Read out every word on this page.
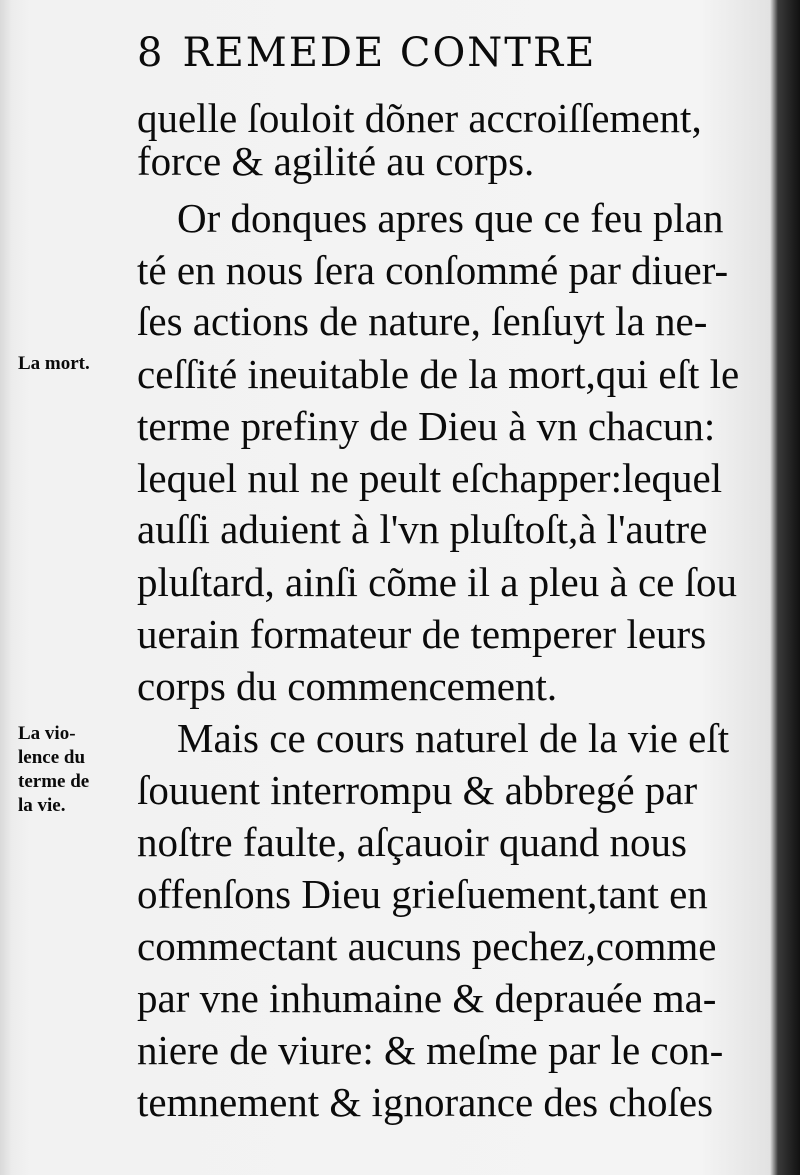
8 REMEDE CONTRE
quelle ſouloit dõner accroiſſement,
force & agilité au corps.
Or donques apres que ce feu plan
té en nous ſera conſommé par diuer-
ſes actions de nature, ſenſuyt la ne-
ceſſité ineuitable de la mort,qui eſt le
terme prefiny de Dieu à vn chacun:
lequel nul ne peult eſchapper:lequel
auſſi aduient à l'vn pluſtoſt,à l'autre
pluſtard, ainſi cõme il a pleu à ce ſou
uerain formateur de temperer leurs
corps du commencement.
Mais ce cours naturel de la vie eſt
ſouuent interrompu & abbregé par
noſtre faulte, aſçauoir quand nous
offenſons Dieu grieſuement,tant en
commectant aucuns pechez,comme
par vne inhumaine & deprauée ma-
niere de viure: & meſme par le con-
temnement & ignorance des choſes
La mort.
La vio-
lence du
terme de
la vie.
